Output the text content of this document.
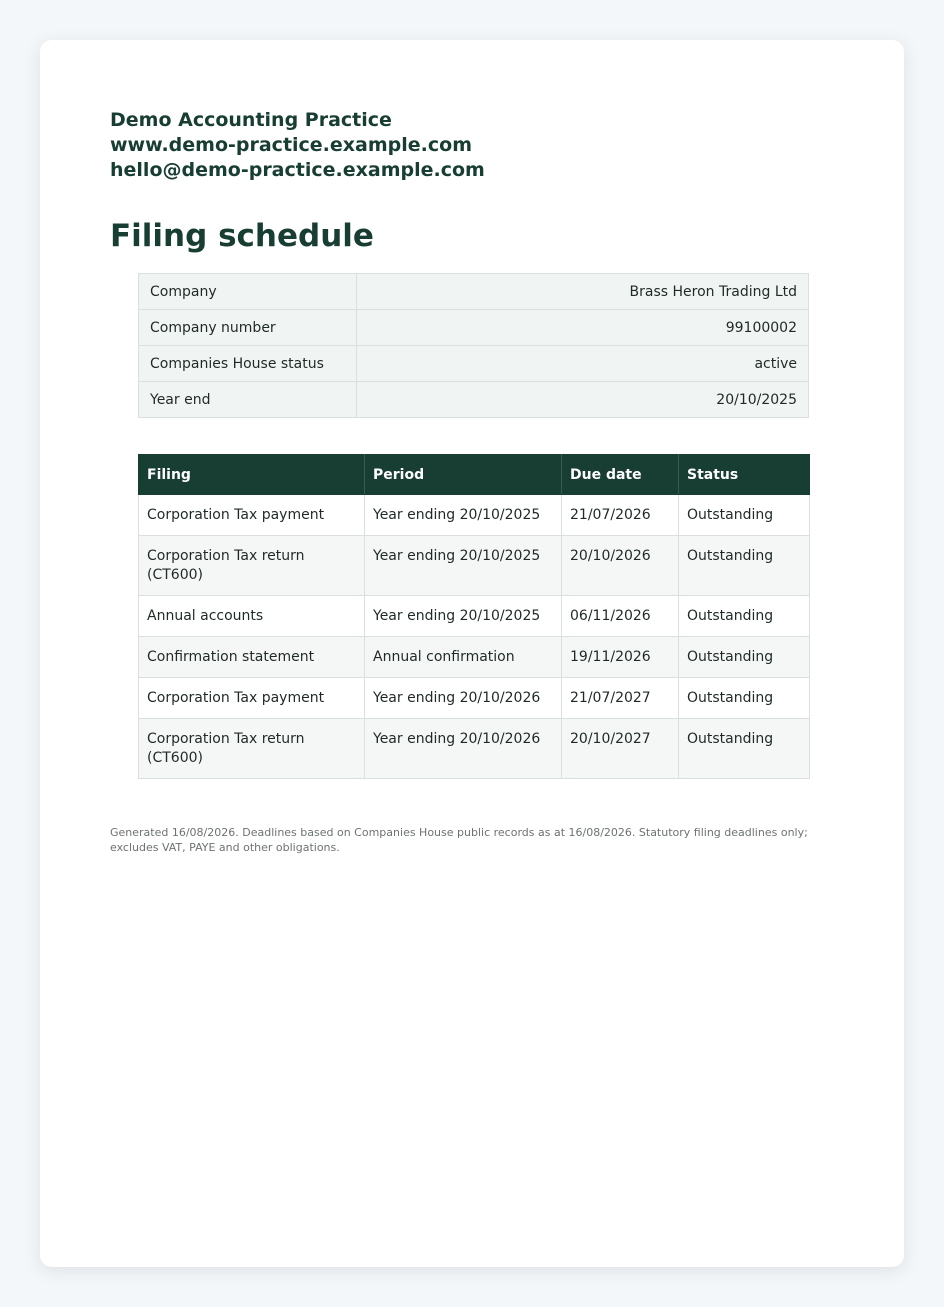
Demo Accounting Practice
www.demo-practice.example.com
hello@demo-practice.example.com
Filing schedule
Company	Brass Heron Trading Ltd
Company number	99100002
Companies House status	active
Year end	20/10/2025
Filing	Period	Due date	Status
Corporation Tax payment	Year ending 20/10/2025	21/07/2026	Outstanding
Corporation Tax return (CT600)	Year ending 20/10/2025	20/10/2026	Outstanding
Annual accounts	Year ending 20/10/2025	06/11/2026	Outstanding
Confirmation statement	Annual confirmation	19/11/2026	Outstanding
Corporation Tax payment	Year ending 20/10/2026	21/07/2027	Outstanding
Corporation Tax return (CT600)	Year ending 20/10/2026	20/10/2027	Outstanding

Generated 16/08/2026. Deadlines based on Companies House public records as at 16/08/2026. Statutory filing deadlines only; excludes VAT, PAYE and other obligations.
